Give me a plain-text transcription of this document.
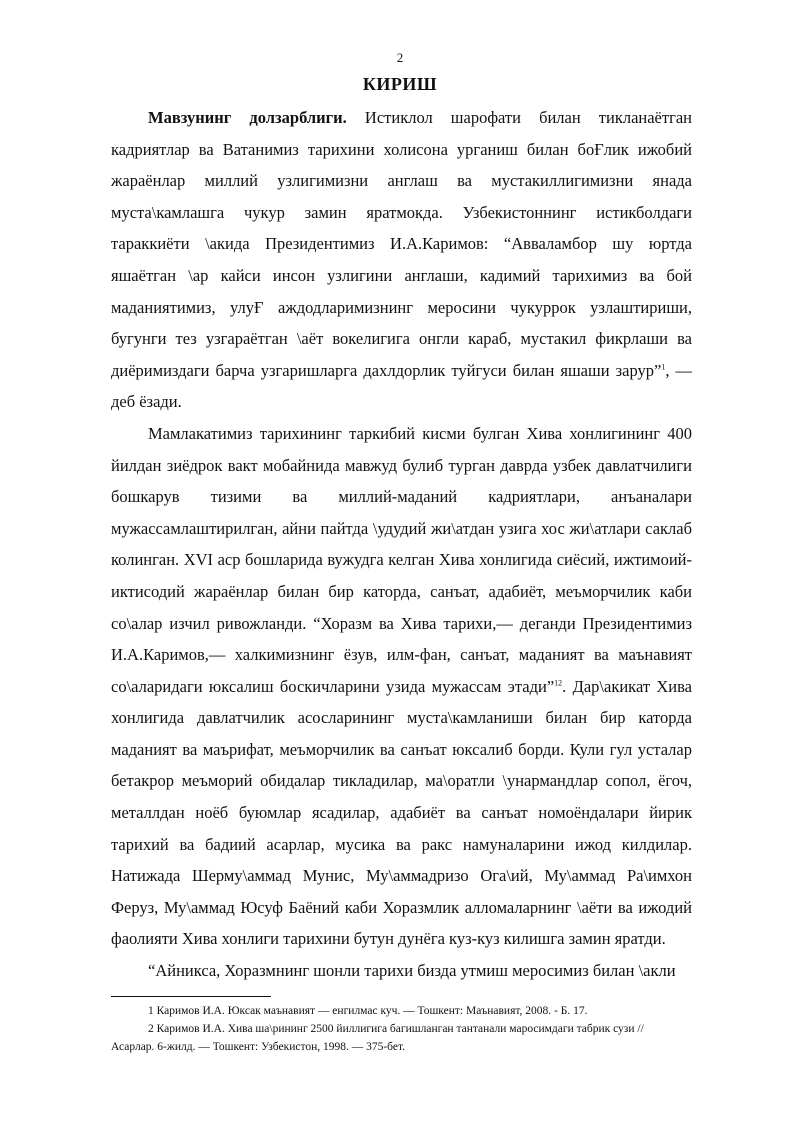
2
КИРИШ

Мавзунинг долзарблиги. Истиклол шарофати билан тикланаётган кадриятлар ва Ватанимиз тарихини холисона урганиш билан боҒлик ижобий жараёнлар миллий узлигимизни англаш ва мустакиллигимизни янада муста\камлашга чукур замин яратмокда. Узбекистоннинг истикболдаги тараккиёти \акида Президентимиз И.А.Каримов: “Авваламбор шу юртда яшаётган \ар кайси инсон узлигини англаши, кадимий тарихимиз ва бой маданиятимиз, улуҒ аждодларимизнинг меросини чукуррок узлаштириши, бугунги тез узгараётган \аёт вокелигига онгли караб, мустакил фикрлаши ва диёримиздаги барча узгаришларга дахлдорлик туйгуси билан яшаши зарур”$^1$, — деб ёзади.

Мамлакатимиз тарихининг таркибий кисми булган Хива хонлигининг 400 йилдан зиёдрок вакт мобайнида мавжуд булиб турган даврда узбек давлатчилиги бошкарув тизими ва миллий-маданий кадриятлари, анъаналари мужассамлаштирилган, айни пайтда \удудий жи\атдан узига хос жи\атлари саклаб колинган. XVI аср бошларида вужудга келган Хива хонлигида сиёсий, ижтимоий-иктисодий жараёнлар билан бир каторда, санъат, адабиёт, меъморчилик каби со\алар изчил ривожланди. “Хоразм ва Хива тарихи,— деганди Президентимиз И.А.Каримов,— халкимизнинг ёзув, илм-фан, санъат, маданият ва маънавият со\аларидаги юксалиш боскичларини узида мужассам этади”$^{12}$. Дар\акикат Хива хонлигида давлатчилик асосларининг муста\камланиши билан бир каторда маданият ва маърифат, меъморчилик ва санъат юксалиб борди. Кули гул усталар бетакрор меъморий обидалар тикладилар, ма\оратли \унармандлар сопол, ёгоч, металлдан ноёб буюмлар ясадилар, адабиёт ва санъат номоёндалари йирик тарихий ва бадиий асарлар, мусика ва ракс намуналарини ижод килдилар. Натижада Шерму\аммад Мунис, Му\аммадризо Ога\ий, Му\аммад Ра\имхон Феруз, Му\аммад Юсуф Баёний каби Хоразмлик алломаларнинг \аёти ва ижодий фаолияти Хива хонлиги тарихини бутун дунёга куз-куз килишга замин яратди.

“Айникса, Хоразмнинг шонли тарихи бизда утмиш меросимиз билан \акли

1 Каримов И.А. Юксак маънавият — енгилмас куч. — Тошкент: Маънавият, 2008. - Б. 17.

2 Каримов И.А. Хива ша\рининг 2500 йиллигига багишланган тантанали маросимдаги табрик сузи //

Асарлар. 6-жилд. — Тошкент: Узбекистон, 1998. — 375-бет.
